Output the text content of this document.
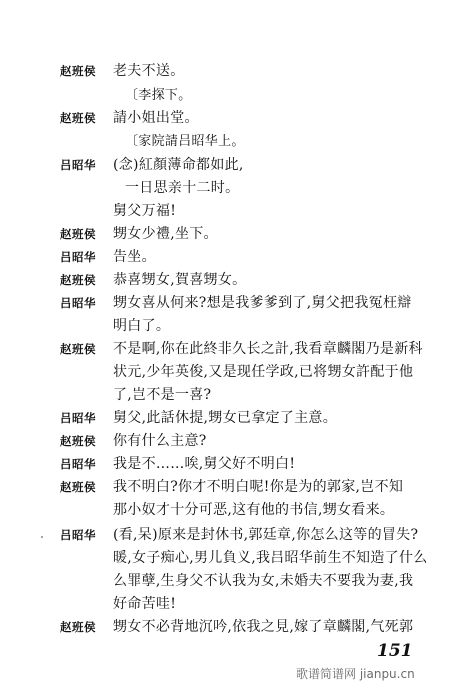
赵班侯	老夫不送。
〔李探下。
赵班侯	請小姐出堂。
〔家院請吕昭华上。
吕昭华	(念)紅顏薄命都如此,
一日思亲十二时。
舅父万福!
赵班侯	甥女少禮,坐下。
吕昭华	告坐。
赵班侯	恭喜甥女,賀喜甥女。
吕昭华	甥女喜从何来?想是我爹爹到了,舅父把我冤枉辯
明白了。
赵班侯	不是啊,你在此終非久长之計,我看章麟閣乃是新科
状元,少年英俊,又是现任学政,已将甥女許配于他
了,岂不是一喜?
吕昭华	舅父,此話休提,甥女已拿定了主意。
赵班侯	你有什么主意?
吕昭华	我是不……唉,舅父好不明白!
赵班侯	我不明白?你才不明白呢!你是为的郭家,岂不知
那小奴才十分可恶,这有他的书信,甥女看来。
吕昭华	(看,呆)原来是封休书,郭廷章,你怎么这等的冒失?
暖,女子痴心,男儿負义,我吕昭华前生不知造了什么
么罪孽,生身父不认我为女,未婚夫不要我为妻,我
好命苦哇!
赵班侯	甥女不必背地沉吟,依我之見,嫁了章麟閣,气死郭
151
歌谱简谱网 jianpu.cn
